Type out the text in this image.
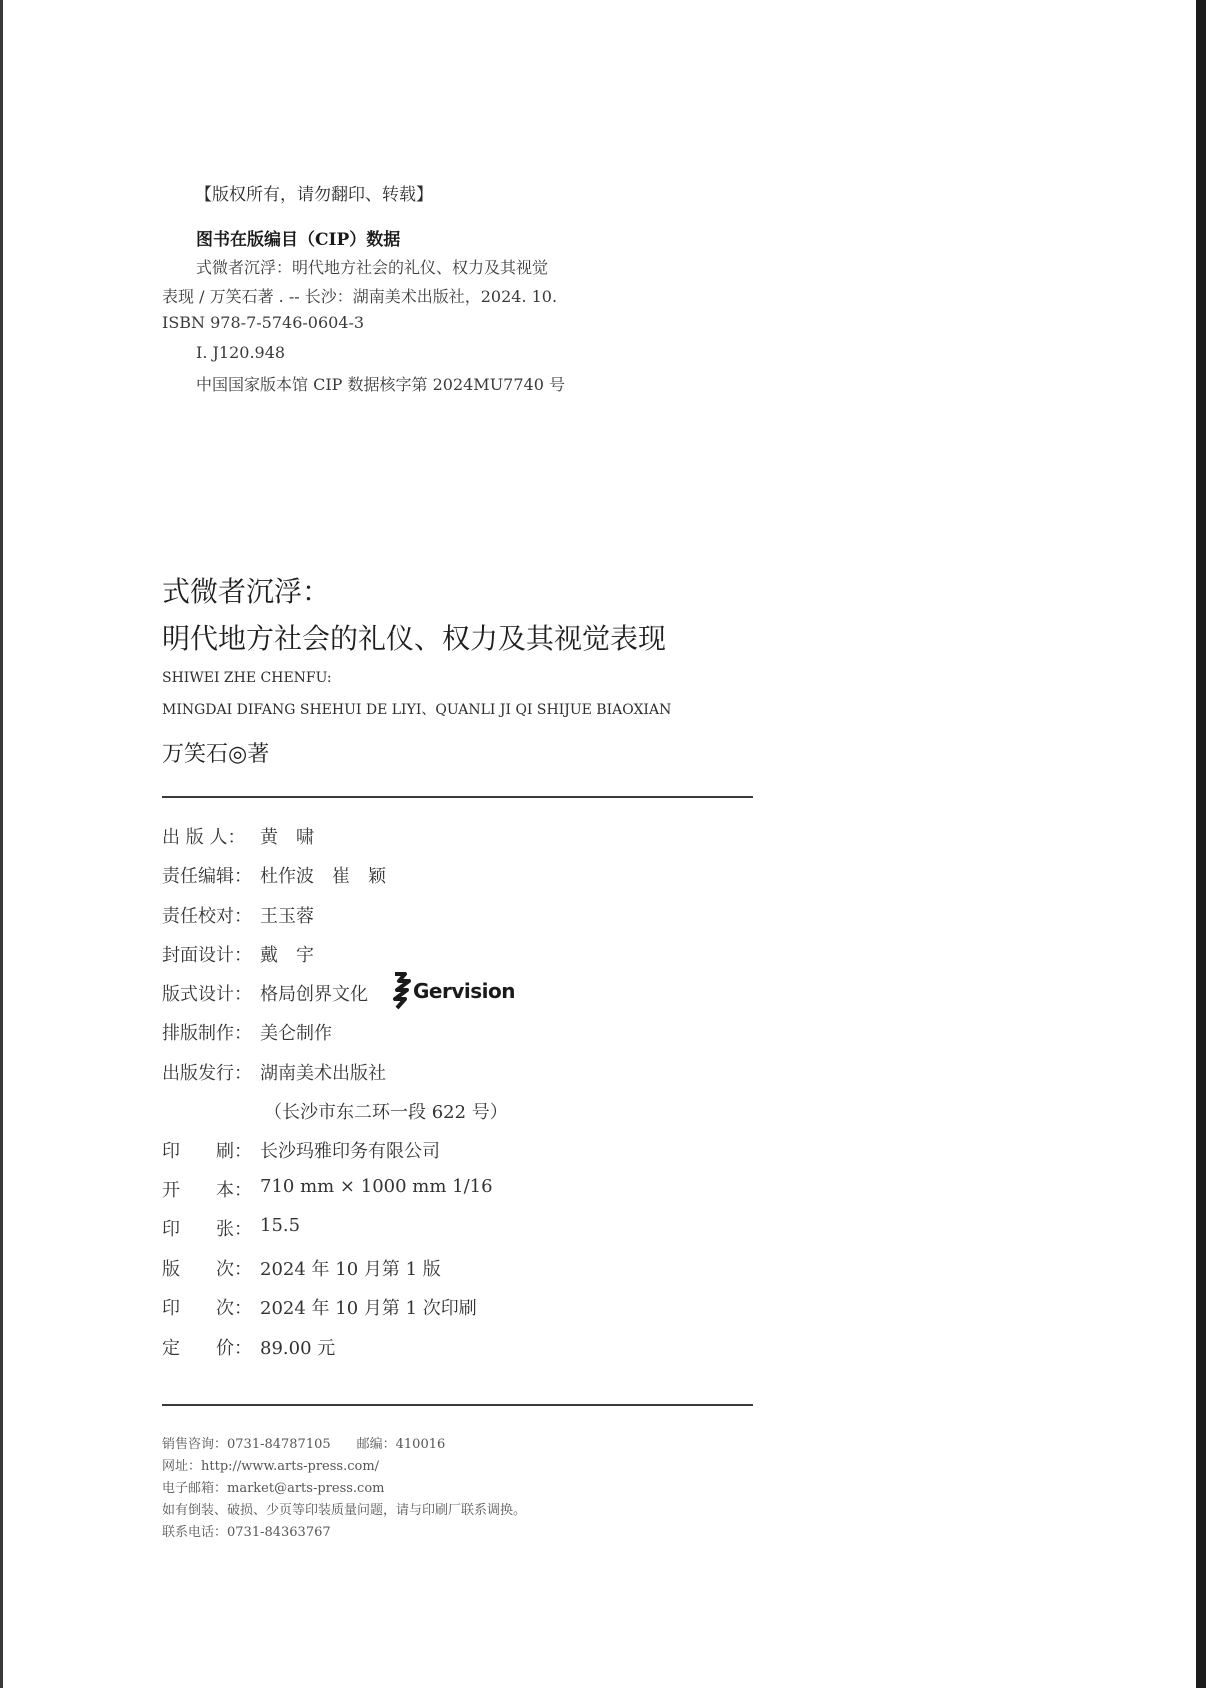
【版权所有，请勿翻印、转载】
图书在版编目（CIP）数据
式微者沉浮：明代地方社会的礼仪、权力及其视觉
表现 / 万笑石著 . -- 长沙：湖南美术出版社，2024. 10.
ISBN 978-7-5746-0604-3
Ⅰ. J120.948
中国国家版本馆 CIP 数据核字第 2024MU7740 号
式微者沉浮：
明代地方社会的礼仪、权力及其视觉表现
SHIWEI ZHE CHENFU:
MINGDAI DIFANG SHEHUI DE LIYI、QUANLI JI QI SHIJUE BIAOXIAN
万笑石◎著
出 版 人： 黄　啸
责任编辑： 杜作波　崔　颖
责任校对： 王玉蓉
封面设计： 戴　宇
版式设计： 格局创界文化 Gervision
排版制作： 美仑制作
出版发行： 湖南美术出版社
（长沙市东二环一段 622 号）
印　　刷： 长沙玛雅印务有限公司
开　　本： 710 mm × 1000 mm 1/16
印　　张： 15.5
版　　次： 2024 年 10 月第 1 版
印　　次： 2024 年 10 月第 1 次印刷
定　　价： 89.00 元
销售咨询：0731-84787105　　邮编：410016
网址：http://www.arts-press.com/
电子邮箱：market@arts-press.com
如有倒装、破损、少页等印装质量问题，请与印刷厂联系调换。
联系电话：0731-84363767
